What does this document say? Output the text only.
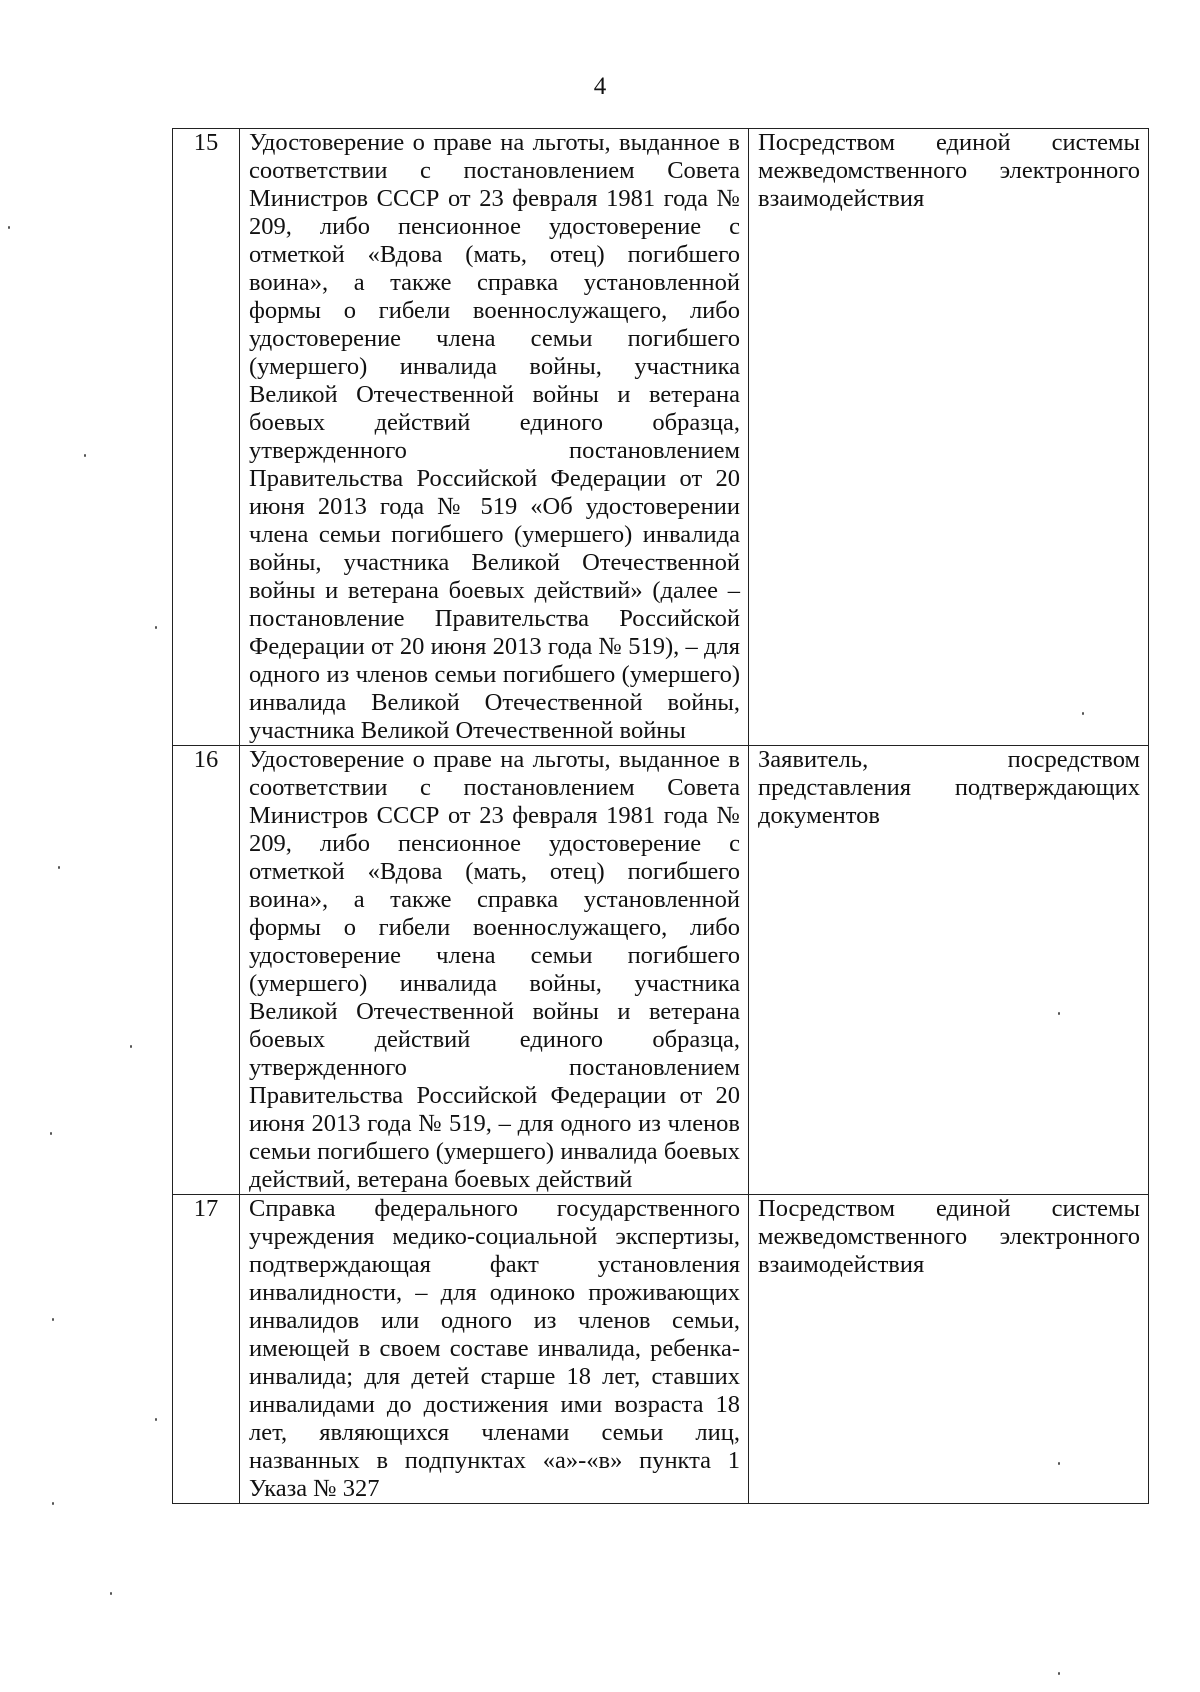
4
15	Удостоверение о праве на льготы, выданное в соответствии с постановлением Совета Министров СССР от 23 февраля 1981 года № 209, либо пенсионное удостоверение с отметкой «Вдова (мать, отец) погибшего воина», а также справка установленной формы о гибели военнослужащего, либо удостоверение члена семьи погибшего (умершего) инвалида войны, участника Великой Отечественной войны и ветерана боевых действий единого образца, утвержденного постановлением Правительства Российской Федерации от 20 июня 2013 года № 519 «Об удостоверении члена семьи погибшего (умершего) инвалида войны, участника Великой Отечественной войны и ветерана боевых действий» (далее – постановление Правительства Российской Федерации от 20 июня 2013 года № 519), – для одного из членов семьи погибшего (умершего) инвалида Великой Отечественной войны, участника Великой Отечественной войны	Посредством единой системы межведомственного электронного взаимодействия

16	Удостоверение о праве на льготы, выданное в соответствии с постановлением Совета Министров СССР от 23 февраля 1981 года № 209, либо пенсионное удостоверение с отметкой «Вдова (мать, отец) погибшего воина», а также справка установленной формы о гибели военнослужащего, либо удостоверение члена семьи погибшего (умершего) инвалида войны, участника Великой Отечественной войны и ветерана боевых действий единого образца, утвержденного постановлением Правительства Российской Федерации от 20 июня 2013 года № 519, – для одного из членов семьи погибшего (умершего) инвалида боевых действий, ветерана боевых действий	Заявитель, посредством представления подтверждающих документов

17	Справка федерального государственного учреждения медико-социальной экспертизы, подтверждающая факт установления инвалидности, – для одиноко проживающих инвалидов или одного из членов семьи, имеющей в своем составе инвалида, ребенка-инвалида; для детей старше 18 лет, ставших инвалидами до достижения ими возраста 18 лет, являющихся членами семьи лиц, названных в подпунктах «а»-«в» пункта 1 Указа № 327	Посредством единой системы межведомственного электронного взаимодействия
